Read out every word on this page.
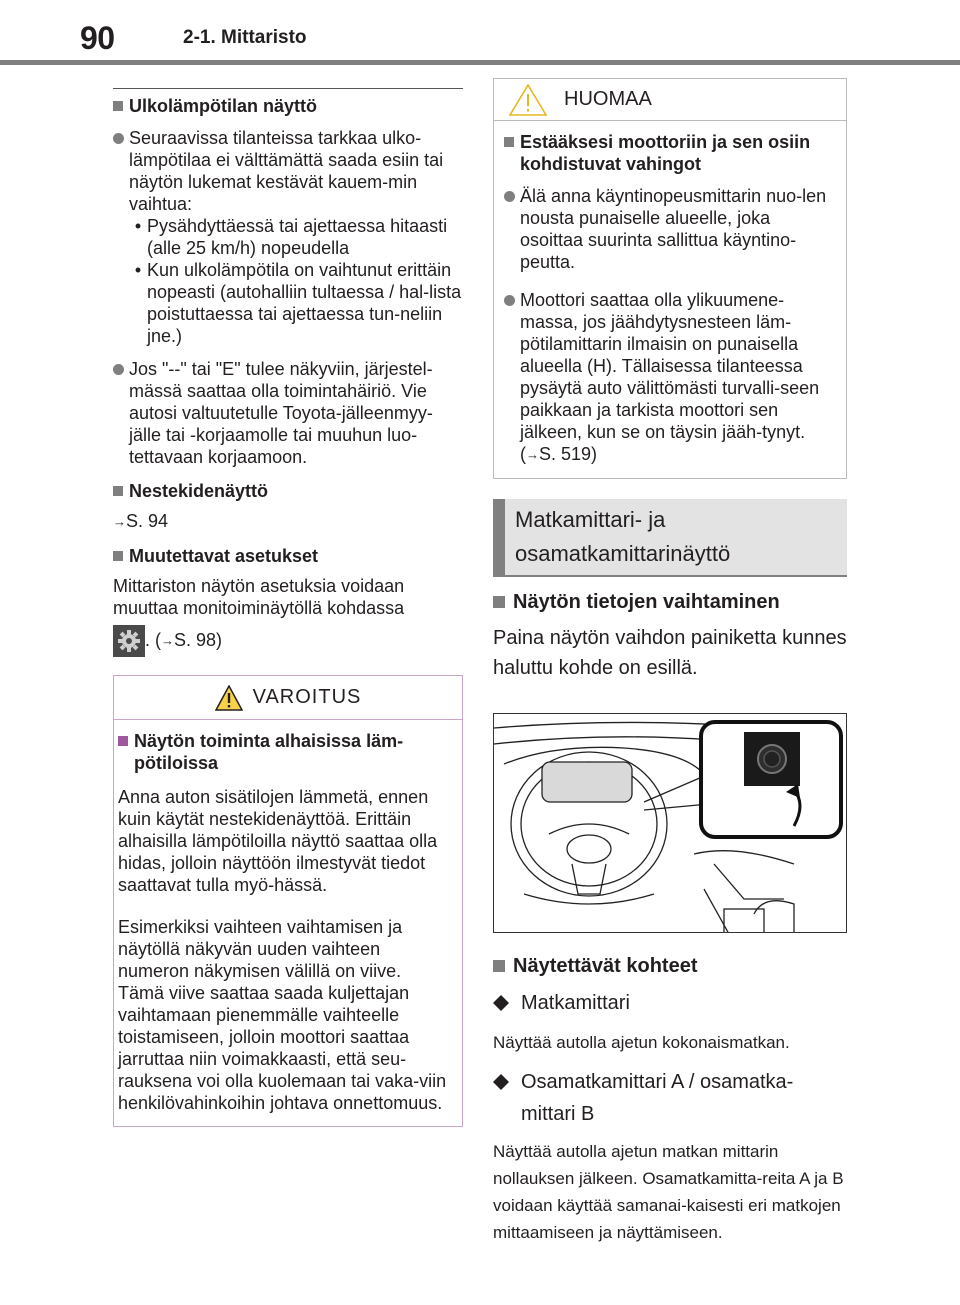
90	2-1. Mittaristo
Ulkolämpötilan näyttö
Seuraavissa tilanteissa tarkkaa ulko-lämpötilaa ei välttämättä saada esiin tai näytön lukemat kestävät kauem-min vaihtua:
• Pysähdyttäessä tai ajettaessa hitaasti (alle 25 km/h) nopeudella
• Kun ulkolämpötila on vaihtunut erittäin nopeasti (autohalliin tultaessa / hal-lista poistuttaessa tai ajettaessa tun-neliin jne.)
Jos "--" tai "E" tulee näkyviin, järjestel-mässä saattaa olla toimintahäiriö. Vie autosi valtuutetulle Toyota-jälleenmyy-jälle tai -korjaamolle tai muuhun luo-tettavaan korjaamoon.
Nestekidenäyttö
→S. 94
Muutettavat asetukset
Mittariston näytön asetuksia voidaan muuttaa monitoiminäytöllä kohdassa
. (→S. 98)
VAROITUS
Näytön toiminta alhaisissa läm-pötiloissa
Anna auton sisätilojen lämmetä, ennen kuin käytät nestekidenäyttöä. Erittäin alhaisilla lämpötiloilla näyttö saattaa olla hidas, jolloin näyttöön ilmestyvät tiedot saattavat tulla myö-hässä.
Esimerkiksi vaihteen vaihtamisen ja näytöllä näkyvän uuden vaihteen numeron näkymisen välillä on viive. Tämä viive saattaa saada kuljettajan vaihtamaan pienemmälle vaihteelle toistamiseen, jolloin moottori saattaa jarruttaa niin voimakkaasti, että seu-rauksena voi olla kuolemaan tai vaka-viin henkilövahinkoihin johtava onnettomuus.
HUOMAA
Estääksesi moottoriin ja sen osiin kohdistuvat vahingot
Älä anna käyntinopeusmittarin nuo-len nousta punaiselle alueelle, joka osoittaa suurinta sallittua käyntino-peutta.
Moottori saattaa olla ylikuumene-massa, jos jäähdytysnesteen läm-pötilamittarin ilmaisin on punaisella alueella (H). Tällaisessa tilanteessa pysäytä auto välittömästi turvalli-seen paikkaan ja tarkista moottori sen jälkeen, kun se on täysin jääh-tynyt. (→S. 519)
Matkamittari- ja osamatkamittarinäyttö
Näytön tietojen vaihtaminen
Paina näytön vaihdon painiketta kunnes haluttu kohde on esillä.
Näytettävät kohteet
Matkamittari
Näyttää autolla ajetun kokonaismatkan.
Osamatkamittari A / osamatka-mittari B
Näyttää autolla ajetun matkan mittarin nollauksen jälkeen. Osamatkamitta-reita A ja B voidaan käyttää samanai-kaisesti eri matkojen mittaamiseen ja näyttämiseen.
